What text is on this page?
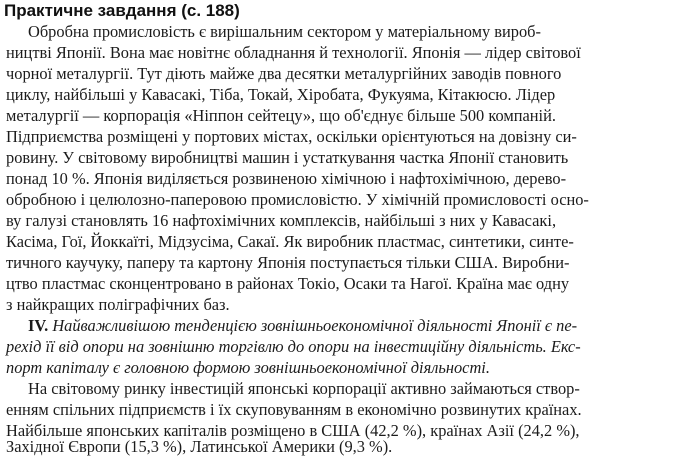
Практичне завдання (с. 188)
Обробна промисловість є вирішальним сектором у матеріальному вироб-
ництві Японії. Вона має новітнє обладнання й технології. Японія — лідер світової
чорної металургії. Тут діють майже два десятки металургійних заводів повного
циклу, найбільші у Кавасакі, Тіба, Токай, Хіробата, Фукуяма, Кітакюсю. Лідер
металургії — корпорація «Ніппон сейтецу», що об'єднує більше 500 компаній.
Підприємства розміщені у портових містах, оскільки орієнтуються на довізну си-
ровину. У світовому виробництві машин і устаткування частка Японії становить
понад 10 %. Японія виділяється розвиненою хімічною і нафтохімічною, дерево-
обробною і целюлозно-паперовою промисловістю. У хімічній промисловості осно-
ву галузі становлять 16 нафтохімічних комплексів, найбільші з них у Кавасакі,
Касіма, Гої, Йоккаїті, Мідзусіма, Сакаї. Як виробник пластмас, синтетики, синте-
тичного каучуку, паперу та картону Японія поступається тільки США. Виробни-
цтво пластмас сконцентровано в районах Токіо, Осаки та Нагої. Країна має одну
з найкращих поліграфічних баз.
IV. Найважливішою тенденцією зовнішньоекономічної діяльності Японії є пе-
рехід її від опори на зовнішню торгівлю до опори на інвестиційну діяльність. Екс-
порт капіталу є головною формою зовнішньоекономічної діяльності.
На світовому ринку інвестицій японські корпорації активно займаються створ-
енням спільних підприємств і їх скуповуванням в економічно розвинутих країнах.
Найбільше японських капіталів розміщено в США (42,2 %), країнах Азії (24,2 %),
Західної Європи (15,3 %), Латинської Америки (9,3 %).
